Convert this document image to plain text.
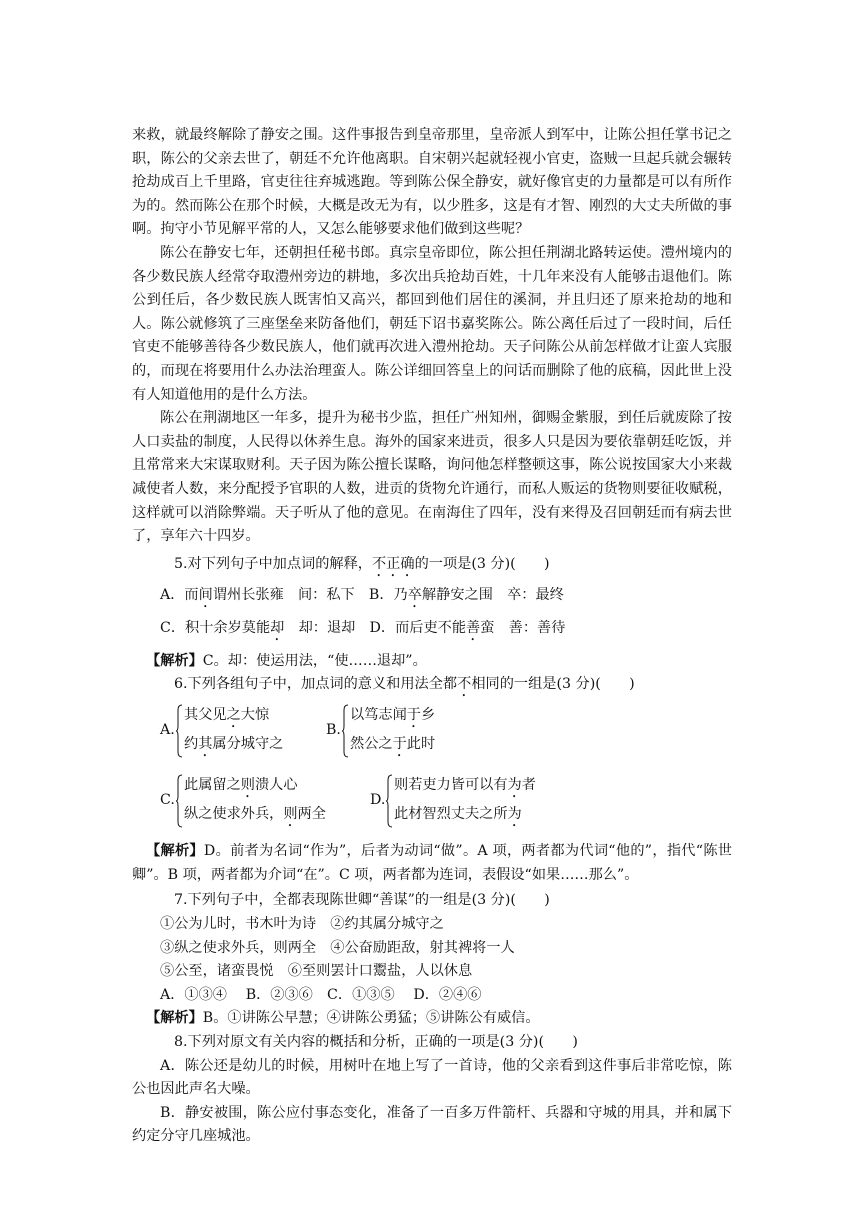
来救，就最终解除了静安之围。这件事报告到皇帝那里，皇帝派人到军中，让陈公担任掌书记之职，陈公的父亲去世了，朝廷不允许他离职。自宋朝兴起就轻视小官吏，盗贼一旦起兵就会辗转抢劫成百上千里路，官吏往往弃城逃跑。等到陈公保全静安，就好像官吏的力量都是可以有所作为的。然而陈公在那个时候，大概是改无为有，以少胜多，这是有才智、刚烈的大丈夫所做的事啊。拘守小节见解平常的人，又怎么能够要求他们做到这些呢？

陈公在静安七年，还朝担任秘书郎。真宗皇帝即位，陈公担任荆湖北路转运使。澧州境内的各少数民族人经常夺取澧州旁边的耕地，多次出兵抢劫百姓，十几年来没有人能够击退他们。陈公到任后，各少数民族人既害怕又高兴，都回到他们居住的溪洞，并且归还了原来抢劫的地和人。陈公就修筑了三座堡垒来防备他们，朝廷下诏书嘉奖陈公。陈公离任后过了一段时间，后任官吏不能够善待各少数民族人，他们就再次进入澧州抢劫。天子问陈公从前怎样做才让蛮人宾服的，而现在将要用什么办法治理蛮人。陈公详细回答皇上的问话而删除了他的底稿，因此世上没有人知道他用的是什么方法。

陈公在荆湖地区一年多，提升为秘书少监，担任广州知州，御赐金紫服，到任后就废除了按人口卖盐的制度，人民得以休养生息。海外的国家来进贡，很多人只是因为要依靠朝廷吃饭，并且常常来大宋谋取财利。天子因为陈公擅长谋略，询问他怎样整顿这事，陈公说按国家大小来裁减使者人数，来分配授予官职的人数，进贡的货物允许通行，而私人贩运的货物则要征收赋税，这样就可以消除弊端。天子听从了他的意见。在南海住了四年，没有来得及召回朝廷而有病去世了，享年六十四岁。

5.对下列句子中加点词的解释，不正确的一项是(3 分)(　　)

A．而间谓州长张雍　间：私下　 B．乃卒解静安之围　卒：最终

C．积十余岁莫能却　却：退却　 D．而后吏不能善蛮　善：善待

【解析】C。却：使运用法，“使……退却”。

6.下列各组句子中，加点词的意义和用法全都不相同的一组是(3 分)(　　)

A.
其父见之大惊
约其属分城守之
B.
以笃志闻于乡
然公之于此时
C.
此属留之则溃人心
纵之使求外兵，则两全
D.
则若吏力皆可以有为者
此材智烈丈夫之所为

【解析】D。前者为名词“作为”，后者为动词“做”。A 项，两者都为代词“他的”，指代“陈世卿”。B 项，两者都为介词“在”。C 项，两者都为连词，表假设“如果……那么”。

7.下列句子中，全都表现陈世卿“善谋”的一组是(3 分)(　　)

①公为儿时，书木叶为诗　②约其属分城守之

③纵之使求外兵，则两全　④公奋励距敌，射其裨将一人

⑤公至，诸蛮畏悦　⑥至则罢计口鬻盐，人以休息

A．①③④　 B．②③⑥　C．①③⑤　 D．②④⑥

【解析】B。①讲陈公早慧；④讲陈公勇猛；⑤讲陈公有威信。

8.下列对原文有关内容的概括和分析，正确的一项是(3 分)(　　)

A．陈公还是幼儿的时候，用树叶在地上写了一首诗，他的父亲看到这件事后非常吃惊，陈公也因此声名大噪。

B．静安被围，陈公应付事态变化，准备了一百多万件箭杆、兵器和守城的用具，并和属下约定分守几座城池。
